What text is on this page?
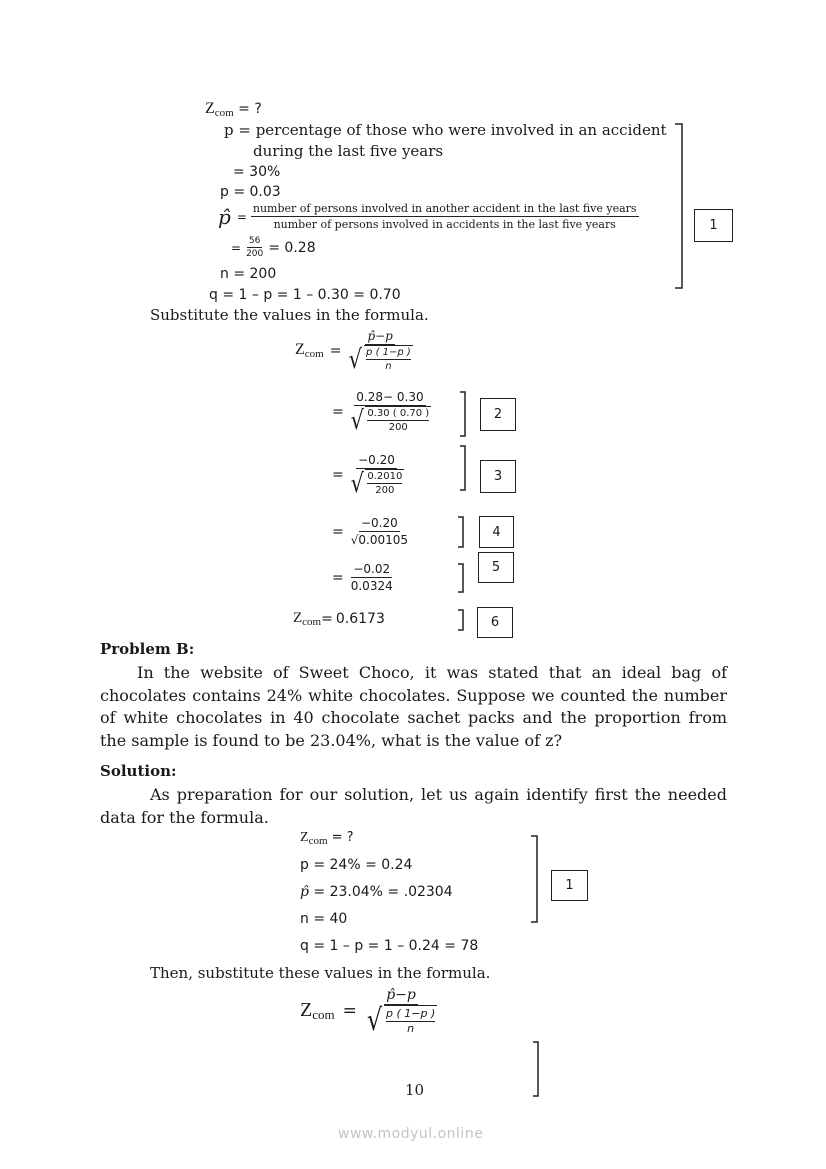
$Z_{com}$ = ?
p = percentage of those who were involved in an accident
during the last five years
= 30%
p = 0.03
p̂ =
number of persons involved in another accident in the last five years
number of persons involved in accidents in the last five years
= $\frac{56}{200} = 0.28$
n = 200
q = 1 – p = 1 – 0.30 = 0.70
1
Substitute the values in the formula.
$Z_{com} = \frac{p̂-p}{√ \frac{p ( 1-p )}{n}}$
= $\frac{0.28- 0.30}{√ \frac{0.30 ( 0.70 )}{200}}$	2
= $\frac{-0.20}{√ \frac{0.2010}{200}}$	3
= $\frac{-0.20}{√0.00105}$	4
= $\frac{-0.02}{0.0324}$	5
$Z_{com} = 0.6173$	6
Problem B:
In the website of Sweet Choco, it was stated that an ideal bag of chocolates contains 24% white chocolates. Suppose we counted the number of white chocolates in 40 chocolate sachet packs and the proportion from the sample is found to be 23.04%, what is the value of z?
Solution:
As preparation for our solution, let us again identify first the needed data for the formula.
$Z_{com}$ = ?
p = 24% = 0.24
p̂ = 23.04% = .02304
n = 40
q = 1 – p = 1 – 0.24 = 78
1
Then, substitute these values in the formula.
$Z_{com} = \frac{p̂-p}{√ \frac{p ( 1-p )}{n}}$
10
www.modyul.online
